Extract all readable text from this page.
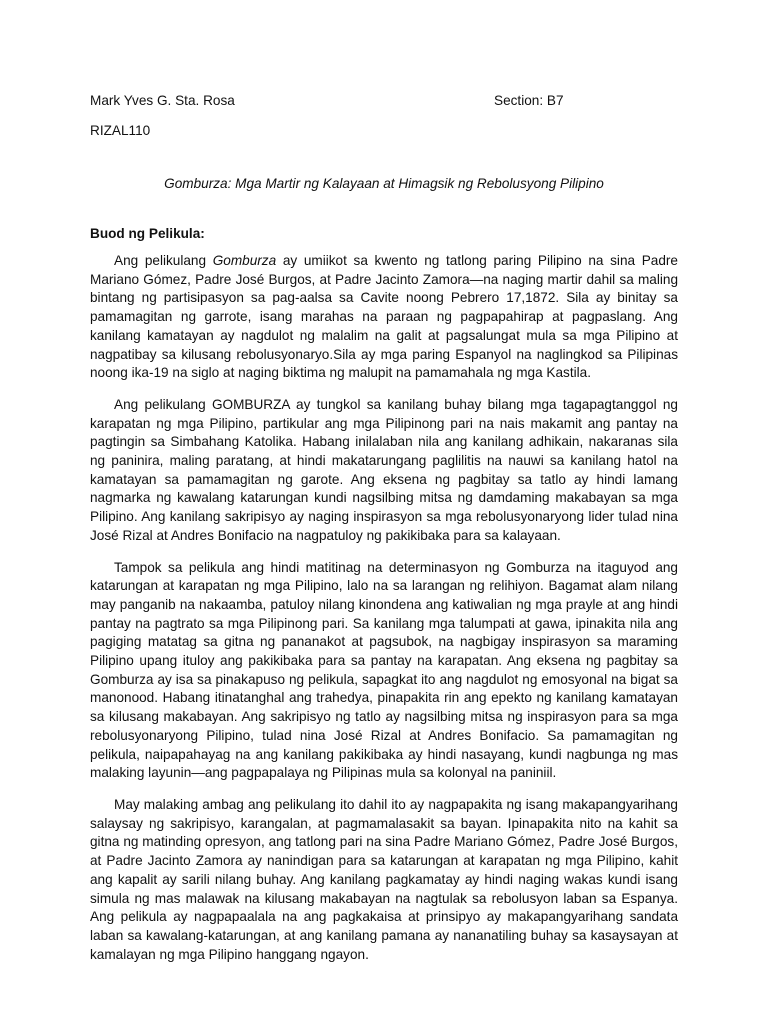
Mark Yves G. Sta. Rosa	Section: B7
RIZAL110
Gomburza: Mga Martir ng Kalayaan at Himagsik ng Rebolusyong Pilipino
Buod ng Pelikula:

Ang pelikulang Gomburza ay umiikot sa kwento ng tatlong paring Pilipino na sina Padre Mariano Gómez, Padre José Burgos, at Padre Jacinto Zamora—na naging martir dahil sa maling bintang ng partisipasyon sa pag-aalsa sa Cavite noong Pebrero 17,1872. Sila ay binitay sa pamamagitan ng garrote, isang marahas na paraan ng pagpapahirap at pagpaslang. Ang kanilang kamatayan ay nagdulot ng malalim na galit at pagsalungat mula sa mga Pilipino at nagpatibay sa kilusang rebolusyonaryo.Sila ay mga paring Espanyol na naglingkod sa Pilipinas noong ika-19 na siglo at naging biktima ng malupit na pamamahala ng mga Kastila.

Ang pelikulang GOMBURZA ay tungkol sa kanilang buhay bilang mga tagapagtanggol ng karapatan ng mga Pilipino, partikular ang mga Pilipinong pari na nais makamit ang pantay na pagtingin sa Simbahang Katolika. Habang inilalaban nila ang kanilang adhikain, nakaranas sila ng paninira, maling paratang, at hindi makatarungang paglilitis na nauwi sa kanilang hatol na kamatayan sa pamamagitan ng garote. Ang eksena ng pagbitay sa tatlo ay hindi lamang nagmarka ng kawalang katarungan kundi nagsilbing mitsa ng damdaming makabayan sa mga Pilipino. Ang kanilang sakripisyo ay naging inspirasyon sa mga rebolusyonaryong lider tulad nina José Rizal at Andres Bonifacio na nagpatuloy ng pakikibaka para sa kalayaan.

Tampok sa pelikula ang hindi matitinag na determinasyon ng Gomburza na itaguyod ang katarungan at karapatan ng mga Pilipino, lalo na sa larangan ng relihiyon. Bagamat alam nilang may panganib na nakaamba, patuloy nilang kinondena ang katiwalian ng mga prayle at ang hindi pantay na pagtrato sa mga Pilipinong pari. Sa kanilang mga talumpati at gawa, ipinakita nila ang pagiging matatag sa gitna ng pananakot at pagsubok, na nagbigay inspirasyon sa maraming Pilipino upang ituloy ang pakikibaka para sa pantay na karapatan. Ang eksena ng pagbitay sa Gomburza ay isa sa pinakapuso ng pelikula, sapagkat ito ang nagdulot ng emosyonal na bigat sa manonood. Habang itinatanghal ang trahedya, pinapakita rin ang epekto ng kanilang kamatayan sa kilusang makabayan. Ang sakripisyo ng tatlo ay nagsilbing mitsa ng inspirasyon para sa mga rebolusyonaryong Pilipino, tulad nina José Rizal at Andres Bonifacio. Sa pamamagitan ng pelikula, naipapahayag na ang kanilang pakikibaka ay hindi nasayang, kundi nagbunga ng mas malaking layunin—ang pagpapalaya ng Pilipinas mula sa kolonyal na paniniil.

May malaking ambag ang pelikulang ito dahil ito ay nagpapakita ng isang makapangyarihang salaysay ng sakripisyo, karangalan, at pagmamalasakit sa bayan. Ipinapakita nito na kahit sa gitna ng matinding opresyon, ang tatlong pari na sina Padre Mariano Gómez, Padre José Burgos, at Padre Jacinto Zamora ay nanindigan para sa katarungan at karapatan ng mga Pilipino, kahit ang kapalit ay sarili nilang buhay. Ang kanilang pagkamatay ay hindi naging wakas kundi isang simula ng mas malawak na kilusang makabayan na nagtulak sa rebolusyon laban sa Espanya. Ang pelikula ay nagpapaalala na ang pagkakaisa at prinsipyo ay makapangyarihang sandata laban sa kawalang-katarungan, at ang kanilang pamana ay nananatiling buhay sa kasaysayan at kamalayan ng mga Pilipino hanggang ngayon.
